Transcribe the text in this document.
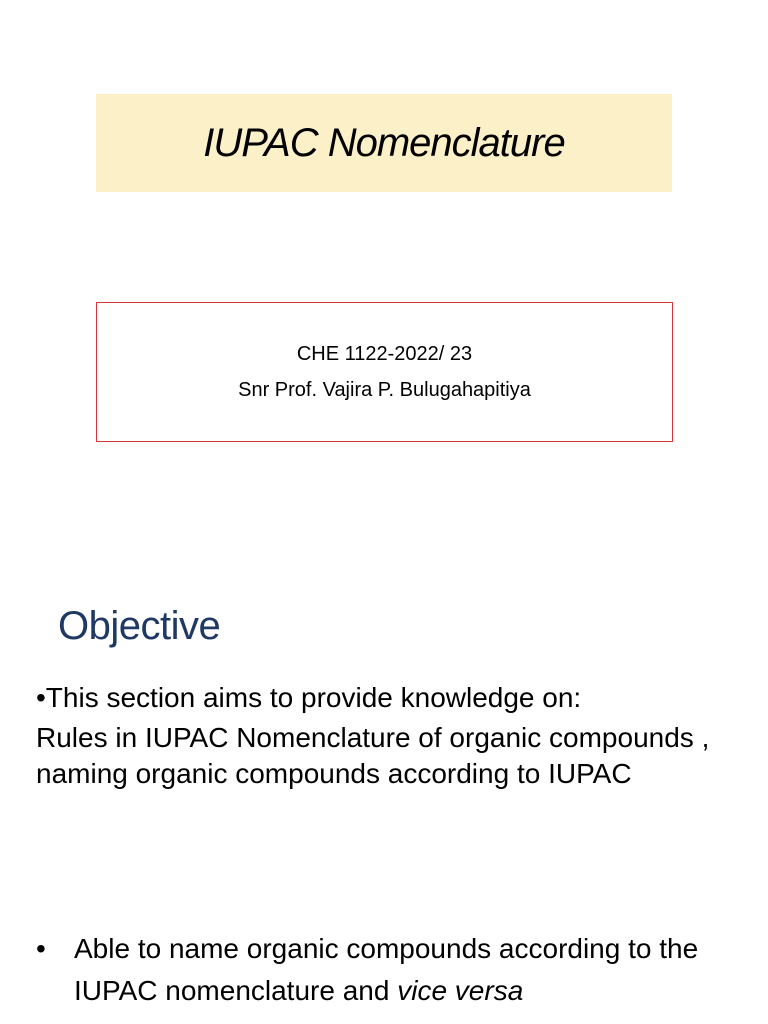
IUPAC Nomenclature
CHE 1122-2022/ 23
Snr Prof. Vajira P. Bulugahapitiya
Objective

•This section aims to provide knowledge on:
Rules in IUPAC Nomenclature of organic compounds , naming organic compounds according to IUPAC

•	Able to name organic compounds according to the IUPAC nomenclature and vice versa
